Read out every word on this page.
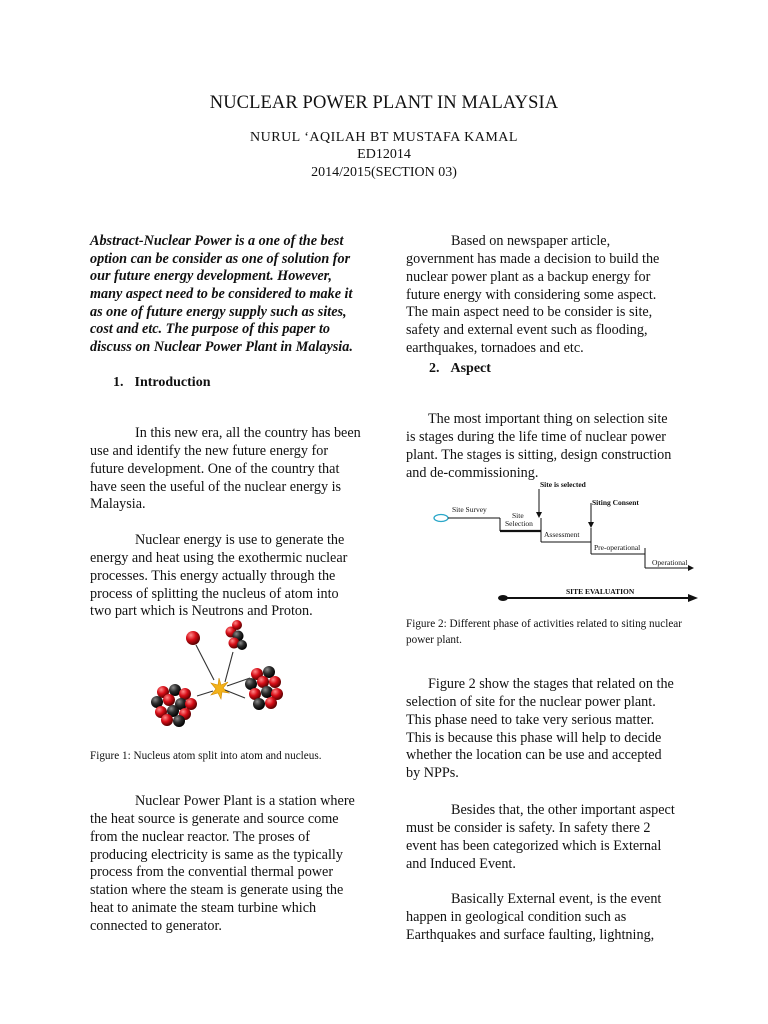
NUCLEAR POWER PLANT IN MALAYSIA
NURUL ‘AQILAH BT MUSTAFA KAMAL
ED12014
2014/2015(SECTION 03)

Abstract-Nuclear Power is a one of the best option can be consider as one of solution for our future energy development. However, many aspect need to be considered to make it as one of future energy supply such as sites, cost and etc. The purpose of this paper to discuss on Nuclear Power Plant in Malaysia.

1. Introduction

In this new era, all the country has been use and identify the new future energy for future development. One of the country that have seen the useful of the nuclear energy is Malaysia.

Nuclear energy is use to generate the energy and heat using the exothermic nuclear processes. This energy actually through the process of splitting the nucleus of atom into two part which is Neutrons and Proton.

Figure 1: Nucleus atom split into atom and nucleus.

Nuclear Power Plant is a station where the heat source is generate and source come from the nuclear reactor. The proses of producing electricity is same as the typically process from the convential thermal power station where the steam is generate using the heat to animate the steam turbine which connected to generator.

Based on newspaper article, government has made a decision to build the nuclear power plant as a backup energy for future energy with considering some aspect. The main aspect need to be consider is site, safety and external event such as flooding, earthquakes, tornadoes and etc.

2. Aspect

The most important thing on selection site is stages during the life time of nuclear power plant. The stages is sitting, design construction and de-commissioning.

Site is selected
Siting Consent
Site Survey
Site
Selection
Assessment
Pre-operational
Operational
SITE EVALUATION
Figure 2: Different phase of activities related to siting nuclear power plant.

Figure 2 show the stages that related on the selection of site for the nuclear power plant. This phase need to take very serious matter. This is because this phase will help to decide whether the location can be use and accepted by NPPs.

Besides that, the other important aspect must be consider is safety. In safety there 2 event has been categorized which is External and Induced Event.

Basically External event, is the event happen in geological condition such as Earthquakes and surface faulting, lightning,
